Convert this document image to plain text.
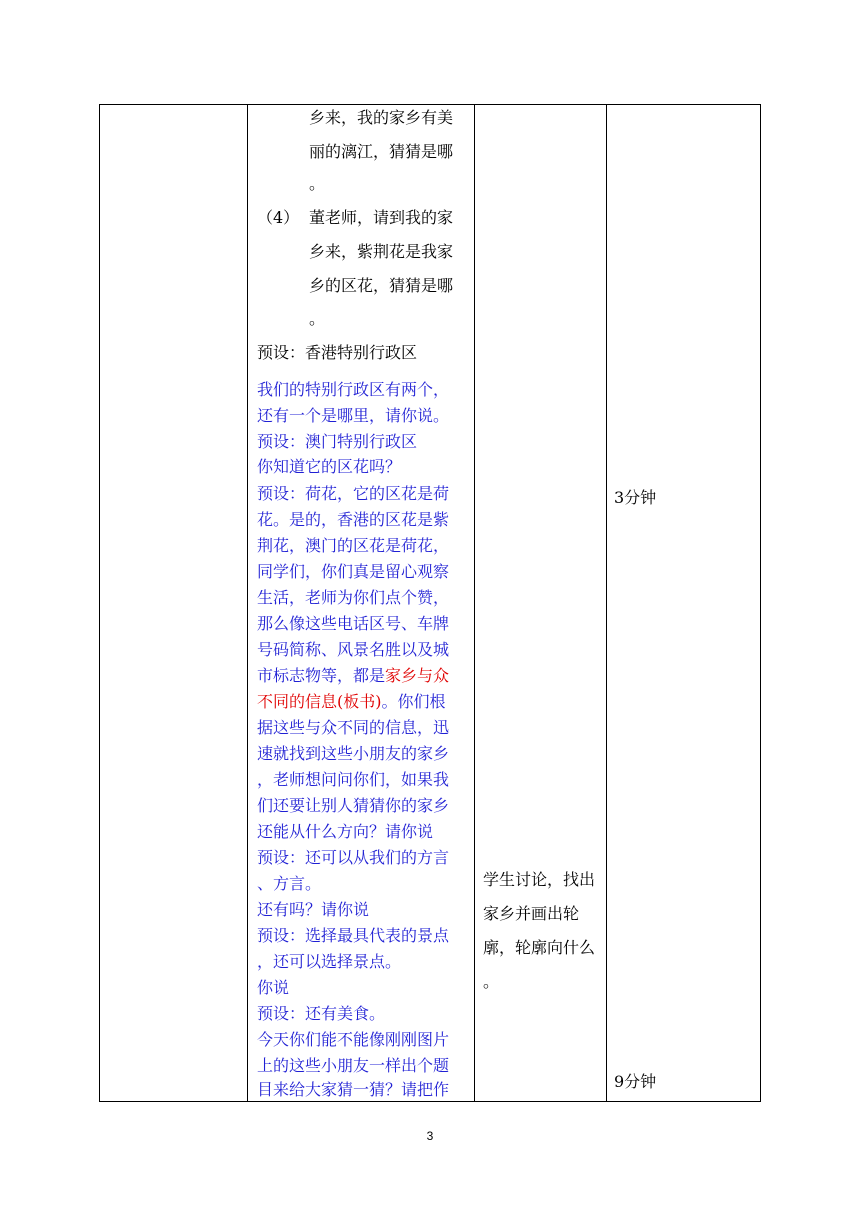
乡来，我的家乡有美
丽的漓江，猜猜是哪
。
（4） 董老师，请到我的家
乡来，紫荆花是我家
乡的区花，猜猜是哪
。
预设：香港特别行政区
我们的特别行政区有两个，
还有一个是哪里，请你说。
预设：澳门特别行政区
你知道它的区花吗？
预设：荷花，它的区花是荷
花。是的，香港的区花是紫
荆花，澳门的区花是荷花，
同学们，你们真是留心观察
生活，老师为你们点个赞，
那么像这些电话区号、车牌
号码简称、风景名胜以及城
市标志物等，都是家乡与众
不同的信息(板书)。你们根
据这些与众不同的信息，迅
速就找到这些小朋友的家乡
，老师想问问你们，如果我
们还要让别人猜猜你的家乡
还能从什么方向？请你说
预设：还可以从我们的方言
、方言。
还有吗？请你说
预设：选择最具代表的景点
，还可以选择景点。
你说
预设：还有美食。
今天你们能不能像刚刚图片
上的这些小朋友一样出个题
目来给大家猜一猜？请把作
学生讨论，找出
家乡并画出轮
廓，轮廓向什么
。
3分钟
9分钟
3
